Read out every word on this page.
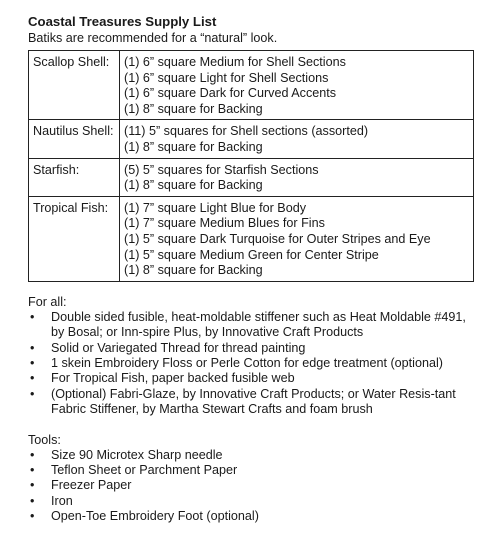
Coastal Treasures Supply List
Batiks are recommended for a “natural” look.
Scallop Shell:	(1) 6” square Medium for Shell Sections
(1) 6” square Light for Shell Sections
(1) 6” square Dark for Curved Accents
(1) 8” square for Backing

Nautilus Shell:	(11) 5” squares for Shell sections (assorted)
(1) 8” square for Backing

Starfish:	(5) 5” squares for Starfish Sections
(1) 8” square for Backing

Tropical Fish:	(1) 7” square Light Blue for Body
(1) 7” square Medium Blues for Fins
(1) 5” square Dark Turquoise for Outer Stripes and Eye
(1) 5” square Medium Green for Center Stripe
(1) 8” square for Backing
For all:
• Double sided fusible, heat-moldable stiffener such as Heat Moldable #491, by Bosal; or Inn-spire Plus, by Innovative Craft Products
• Solid or Variegated Thread for thread painting
• 1 skein Embroidery Floss or Perle Cotton for edge treatment (optional)
• For Tropical Fish, paper backed fusible web
• (Optional) Fabri-Glaze, by Innovative Craft Products; or Water Resis-tant Fabric Stiffener, by Martha Stewart Crafts and foam brush
Tools:
• Size 90 Microtex Sharp needle
• Teflon Sheet or Parchment Paper
• Freezer Paper
• Iron
• Open-Toe Embroidery Foot (optional)
